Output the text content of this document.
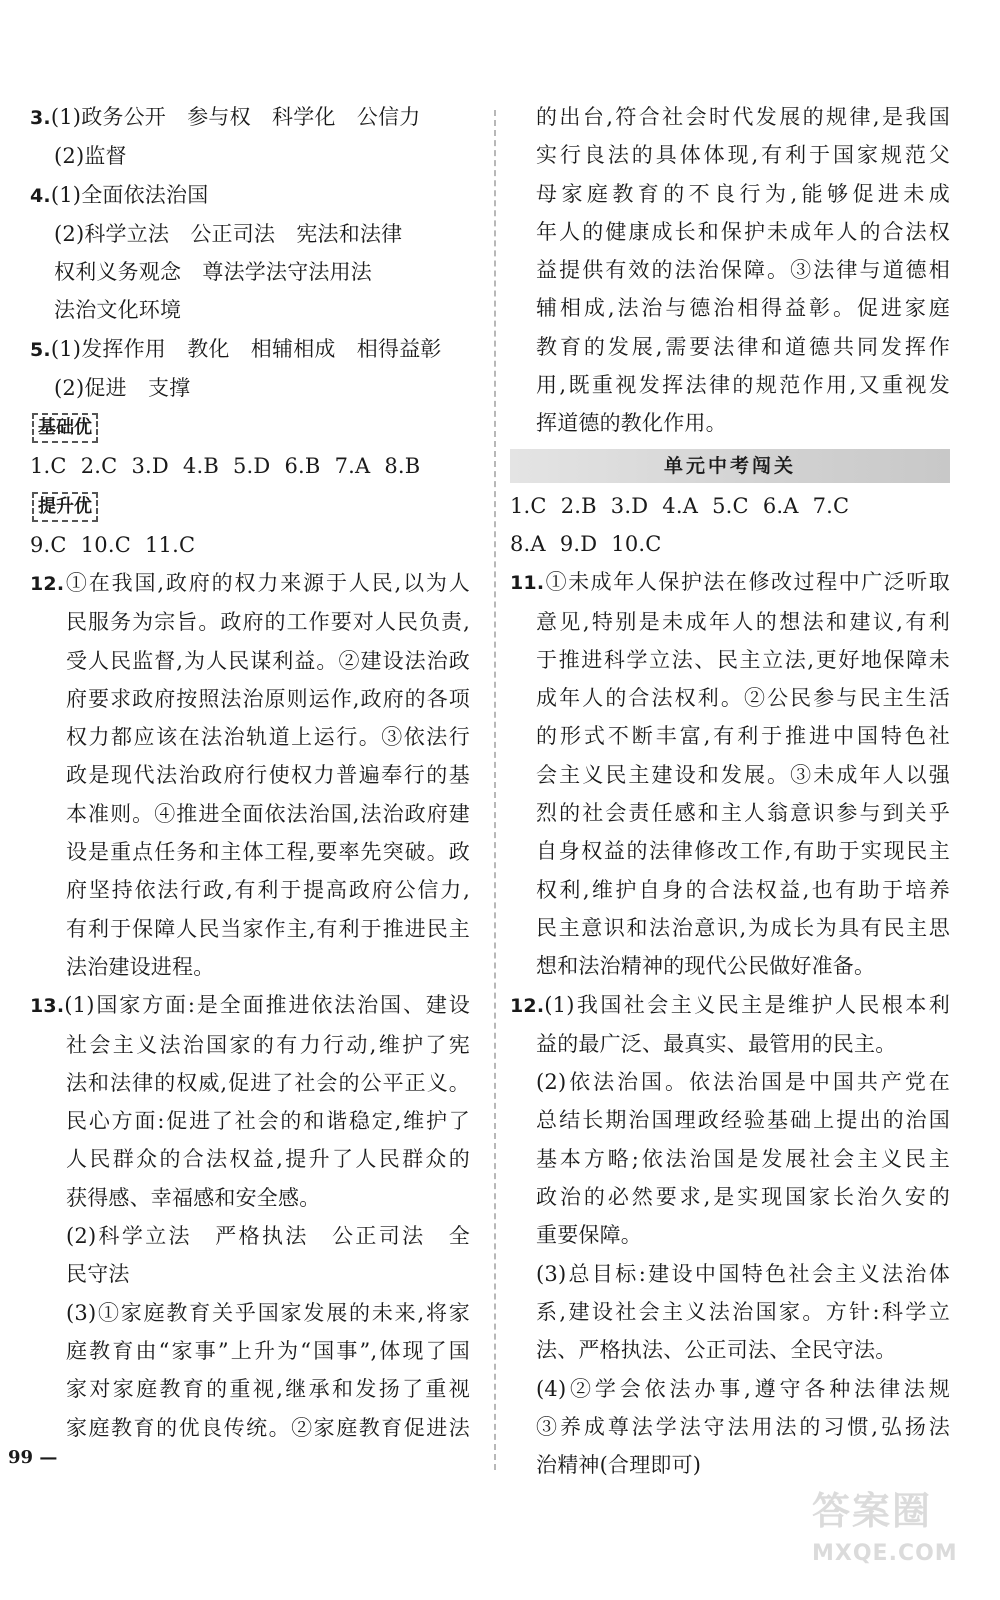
3.(1)政务公开　参与权　科学化　公信力
(2)监督
4.(1)全面依法治国
(2)科学立法　公正司法　宪法和法律
权利义务观念　尊法学法守法用法
法治文化环境
5.(1)发挥作用　教化　相辅相成　相得益彰
(2)促进　支撑
基础优
1.C 2.C 3.D 4.B 5.D 6.B 7.A 8.B
提升优
9.C 10.C 11.C
12.①在我国,政府的权力来源于人民,以为人
民服务为宗旨。政府的工作要对人民负责,
受人民监督,为人民谋利益。②建设法治政
府要求政府按照法治原则运作,政府的各项
权力都应该在法治轨道上运行。③依法行
政是现代法治政府行使权力普遍奉行的基
本准则。④推进全面依法治国,法治政府建
设是重点任务和主体工程,要率先突破。政
府坚持依法行政,有利于提高政府公信力,
有利于保障人民当家作主,有利于推进民主
法治建设进程。
13.(1)国家方面:是全面推进依法治国、建设
社会主义法治国家的有力行动,维护了宪
法和法律的权威,促进了社会的公平正义。
民心方面:促进了社会的和谐稳定,维护了
人民群众的合法权益,提升了人民群众的
获得感、幸福感和安全感。
(2)科学立法　严格执法　公正司法　全
民守法
(3)①家庭教育关乎国家发展的未来,将家
庭教育由“家事”上升为“国事”,体现了国
家对家庭教育的重视,继承和发扬了重视
家庭教育的优良传统。②家庭教育促进法
的出台,符合社会时代发展的规律,是我国
实行良法的具体体现,有利于国家规范父
母家庭教育的不良行为,能够促进未成
年人的健康成长和保护未成年人的合法权
益提供有效的法治保障。③法律与道德相
辅相成,法治与德治相得益彰。促进家庭
教育的发展,需要法律和道德共同发挥作
用,既重视发挥法律的规范作用,又重视发
挥道德的教化作用。
单元中考闯关
1.C 2.B 3.D 4.A 5.C 6.A 7.C
8.A 9.D 10.C
11.①未成年人保护法在修改过程中广泛听取
意见,特别是未成年人的想法和建议,有利
于推进科学立法、民主立法,更好地保障未
成年人的合法权利。②公民参与民主生活
的形式不断丰富,有利于推进中国特色社
会主义民主建设和发展。③未成年人以强
烈的社会责任感和主人翁意识参与到关乎
自身权益的法律修改工作,有助于实现民主
权利,维护自身的合法权益,也有助于培养
民主意识和法治意识,为成长为具有民主思
想和法治精神的现代公民做好准备。
12.(1)我国社会主义民主是维护人民根本利
益的最广泛、最真实、最管用的民主。
(2)依法治国。依法治国是中国共产党在
总结长期治国理政经验基础上提出的治国
基本方略;依法治国是发展社会主义民主
政治的必然要求,是实现国家长治久安的
重要保障。
(3)总目标:建设中国特色社会主义法治体
系,建设社会主义法治国家。方针:科学立
法、严格执法、公正司法、全民守法。
(4)②学会依法办事,遵守各种法律法规
③养成尊法学法守法用法的习惯,弘扬法
治精神(合理即可)
99 —
答案圈
MXQE.COM
